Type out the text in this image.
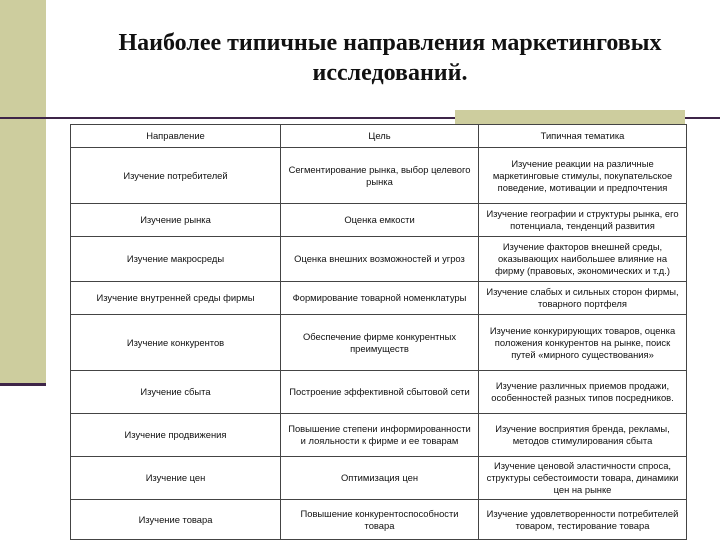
Наиболее типичные направления маркетинговых исследований.
Направление	Цель	Типичная тематика
Изучение потребителей	Сегментирование рынка, выбор целевого рынка	Изучение реакции на различные маркетинговые стимулы, покупательское поведение, мотивации и предпочтения
Изучение рынка	Оценка емкости	Изучение географии и структуры рынка, его потенциала, тенденций развития
Изучение макросреды	Оценка внешних возможностей и угроз	Изучение факторов внешней среды, оказывающих наибольшее влияние на фирму (правовых, экономических и т.д.)
Изучение внутренней среды фирмы	Формирование товарной номенклатуры	Изучение слабых и сильных сторон фирмы, товарного портфеля
Изучение конкурентов	Обеспечение фирме конкурентных преимуществ	Изучение конкурирующих товаров, оценка положения конкурентов на рынке, поиск путей «мирного существования»
Изучение сбыта	Построение эффективной сбытовой сети	Изучение различных приемов продажи, особенностей разных типов посредников.
Изучение продвижения	Повышение степени информированности и лояльности к фирме и ее товарам	Изучение восприятия бренда, рекламы, методов стимулирования сбыта
Изучение цен	Оптимизация цен	Изучение ценовой эластичности спроса, структуры себестоимости товара, динамики цен на рынке
Изучение товара	Повышение конкурентоспособности товара	Изучение удовлетворенности потребителей товаром, тестирование товара
